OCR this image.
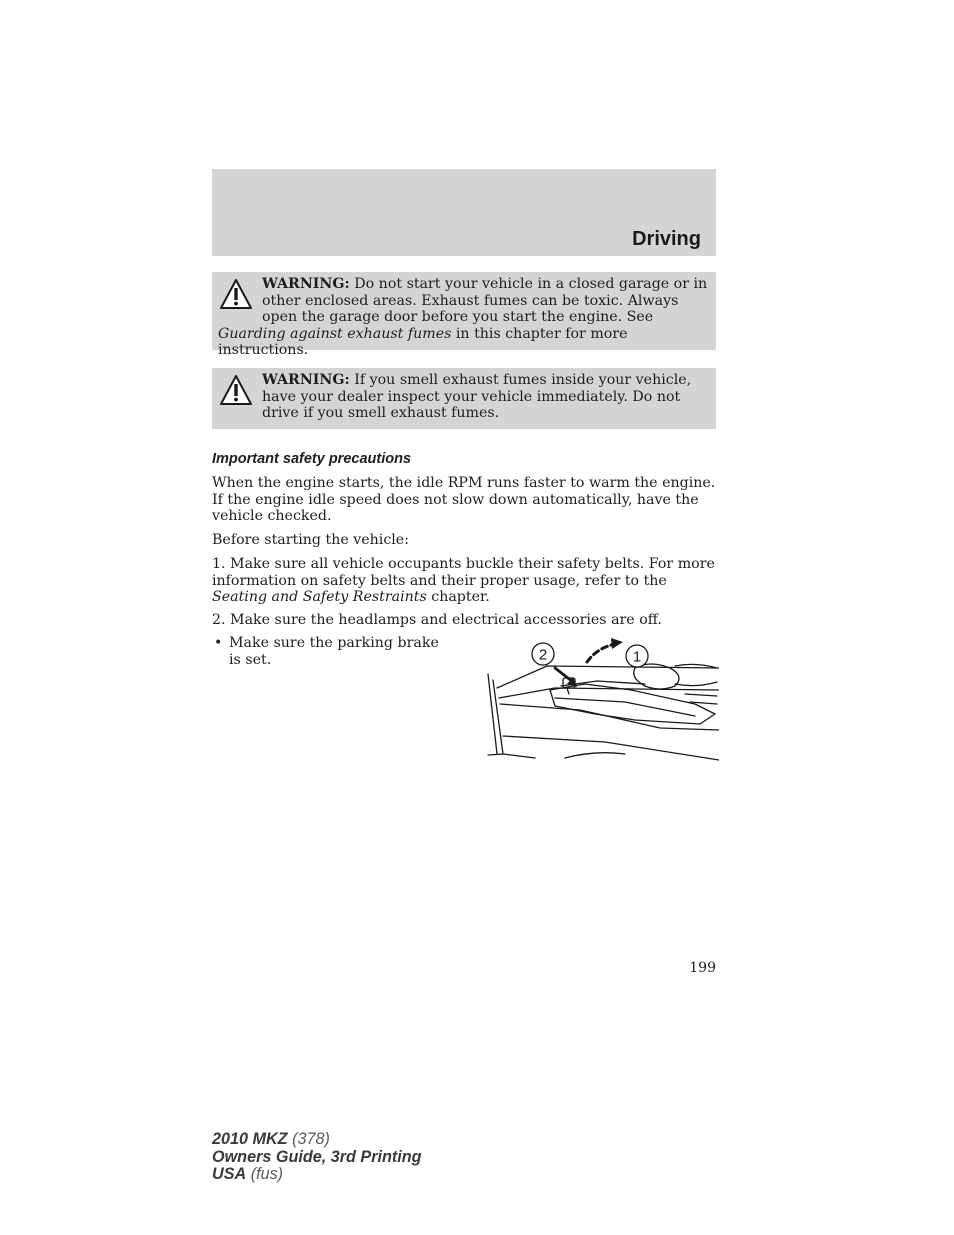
Driving

WARNING: Do not start your vehicle in a closed garage or in other enclosed areas. Exhaust fumes can be toxic. Always open the garage door before you start the engine. See Guarding against exhaust fumes in this chapter for more instructions.

WARNING: If you smell exhaust fumes inside your vehicle, have your dealer inspect your vehicle immediately. Do not drive if you smell exhaust fumes.

Important safety precautions

When the engine starts, the idle RPM runs faster to warm the engine. If the engine idle speed does not slow down automatically, have the vehicle checked.

Before starting the vehicle:

1. Make sure all vehicle occupants buckle their safety belts. For more information on safety belts and their proper usage, refer to the Seating and Safety Restraints chapter.

2. Make sure the headlamps and electrical accessories are off.

• Make sure the parking brake is set.	2	1
199
2010 MKZ (378)
Owners Guide, 3rd Printing
USA (fus)
